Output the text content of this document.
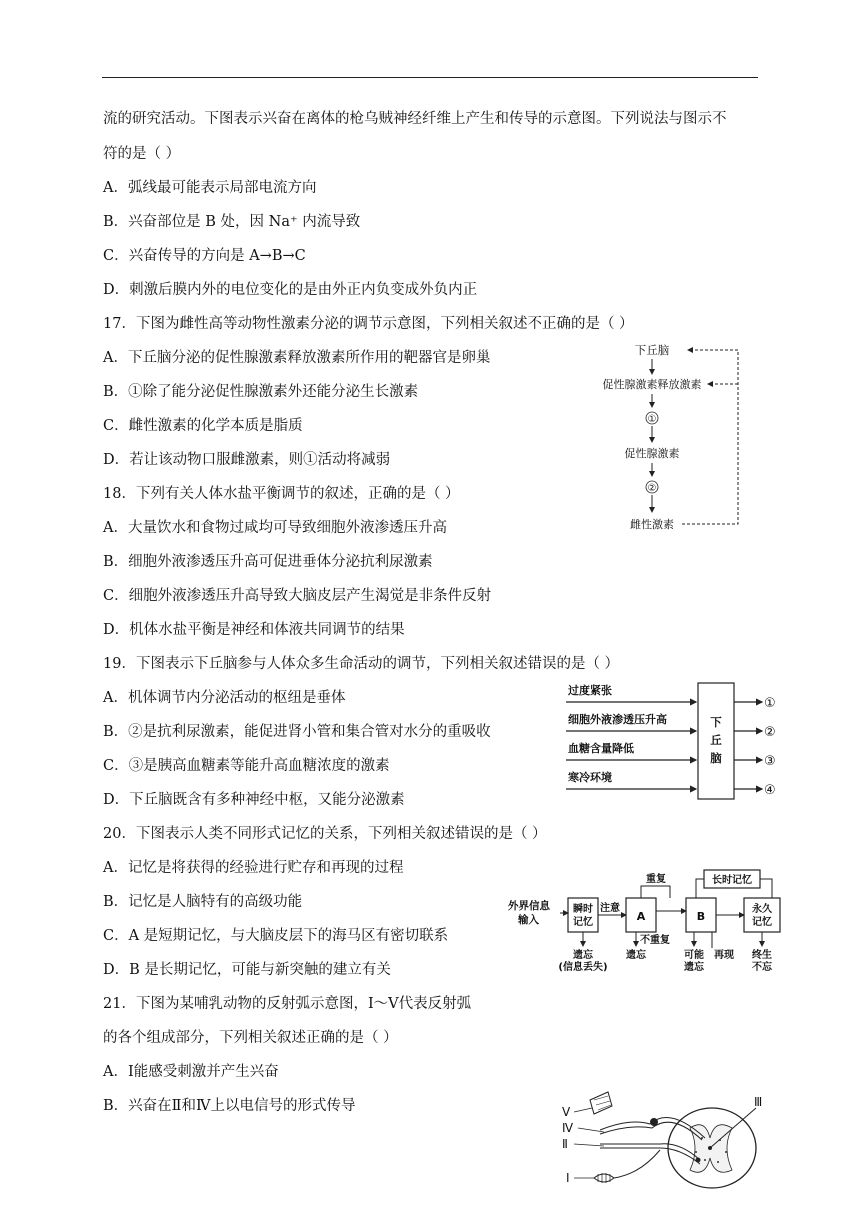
流的研究活动。下图表示兴奋在离体的枪乌贼神经纤维上产生和传导的示意图。下列说法与图示不
符的是（ ）
A．弧线最可能表示局部电流方向
B．兴奋部位是 B 处，因 Na⁺ 内流导致
C．兴奋传导的方向是 A→B→C
D．刺激后膜内外的电位变化的是由外正内负变成外负内正
17．下图为雌性高等动物性激素分泌的调节示意图，下列相关叙述不正确的是（ ）
A．下丘脑分泌的促性腺激素释放激素所作用的靶器官是卵巢
B．①除了能分泌促性腺激素外还能分泌生长激素
C．雌性激素的化学本质是脂质
D．若让该动物口服雌激素，则①活动将减弱
下丘脑
促性腺激素释放激素
①
促性腺激素
②
雌性激素
18．下列有关人体水盐平衡调节的叙述，正确的是（ ）
A．大量饮水和食物过咸均可导致细胞外液渗透压升高
B．细胞外液渗透压升高可促进垂体分泌抗利尿激素
C．细胞外液渗透压升高导致大脑皮层产生渴觉是非条件反射
D．机体水盐平衡是神经和体液共同调节的结果
19．下图表示下丘脑参与人体众多生命活动的调节，下列相关叙述错误的是（ ）
A．机体调节内分泌活动的枢纽是垂体
B．②是抗利尿激素，能促进肾小管和集合管对水分的重吸收
C．③是胰高血糖素等能升高血糖浓度的激素
D．下丘脑既含有多种神经中枢，又能分泌激素
过度紧张
细胞外液渗透压升高
血糖含量降低
寒冷环境
下
丘
脑
①
②
③
④
20．下图表示人类不同形式记忆的关系，下列相关叙述错误的是（ ）
A．记忆是将获得的经验进行贮存和再现的过程
B．记忆是人脑特有的高级功能
C．A 是短期记忆，与大脑皮层下的海马区有密切联系
D．B 是长期记忆，可能与新突触的建立有关
外界信息
输入
瞬时
记忆
注意
A
重复
不重复
B
长时记忆
永久
记忆
遗忘
(信息丢失)
遗忘	可能
遗忘
再现 终生
不忘
21．下图为某哺乳动物的反射弧示意图，Ⅰ～Ⅴ代表反射弧
的各个组成部分，下列相关叙述正确的是（ ）
A．Ⅰ能感受刺激并产生兴奋
B．兴奋在Ⅱ和Ⅳ上以电信号的形式传导	Ⅴ
Ⅳ
Ⅱ
Ⅰ
Ⅲ
